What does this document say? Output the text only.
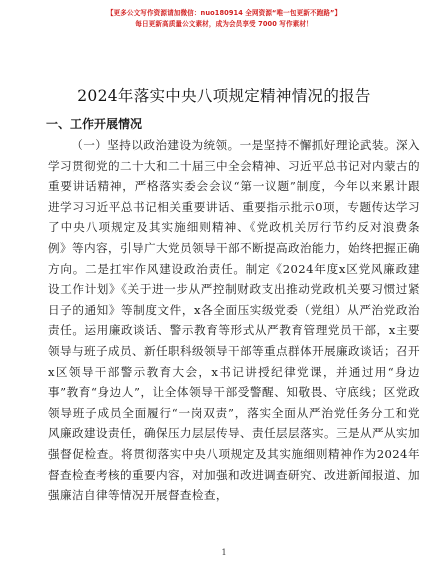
【更多公文写作资源请加微信：nuo180914 全网资源“唯一包更新不跑路”】
每日更新高质量公文素材，成为会员享受 7000 写作素材！
2024年落实中央八项规定精神情况的报告
一、工作开展情况

（一）坚持以政治建设为统领。一是坚持不懈抓好理论武装。深入学习贯彻党的二十大和二十届三中全会精神、习近平总书记对内蒙古的重要讲话精神，严格落实委会会议“第一议题”制度，今年以来累计跟进学习习近平总书记相关重要讲话、重要指示批示0项，专题传达学习了中央八项规定及其实施细则精神、《党政机关厉行节约反对浪费条例》等内容，引导广大党员领导干部不断提高政治能力，始终把握正确方向。二是扛牢作风建设政治责任。制定《2024年度x区党风廉政建设工作计划》《关于进一步从严控制财政支出推动党政机关要习惯过紧日子的通知》等制度文件，x各全面压实级党委（党组）从严治党政治责任。运用廉政谈话、警示教育等形式从严教育管理党员干部，x主要领导与班子成员、新任职科级领导干部等重点群体开展廉政谈话；召开x区领导干部警示教育大会，x书记讲授纪律党课，并通过用“身边事”教育“身边人”，让全体领导干部受警醒、知敬畏、守底线；区党政领导班子成员全面履行“一岗双责”，落实全面从严治党任务分工和党风廉政建设责任，确保压力层层传导、责任层层落实。三是从严从实加强督促检查。将贯彻落实中央八项规定及其实施细则精神作为2024年督查检查考核的重要内容，对加强和改进调查研究、改进新闻报道、加强廉洁自律等情况开展督查检查，

1
